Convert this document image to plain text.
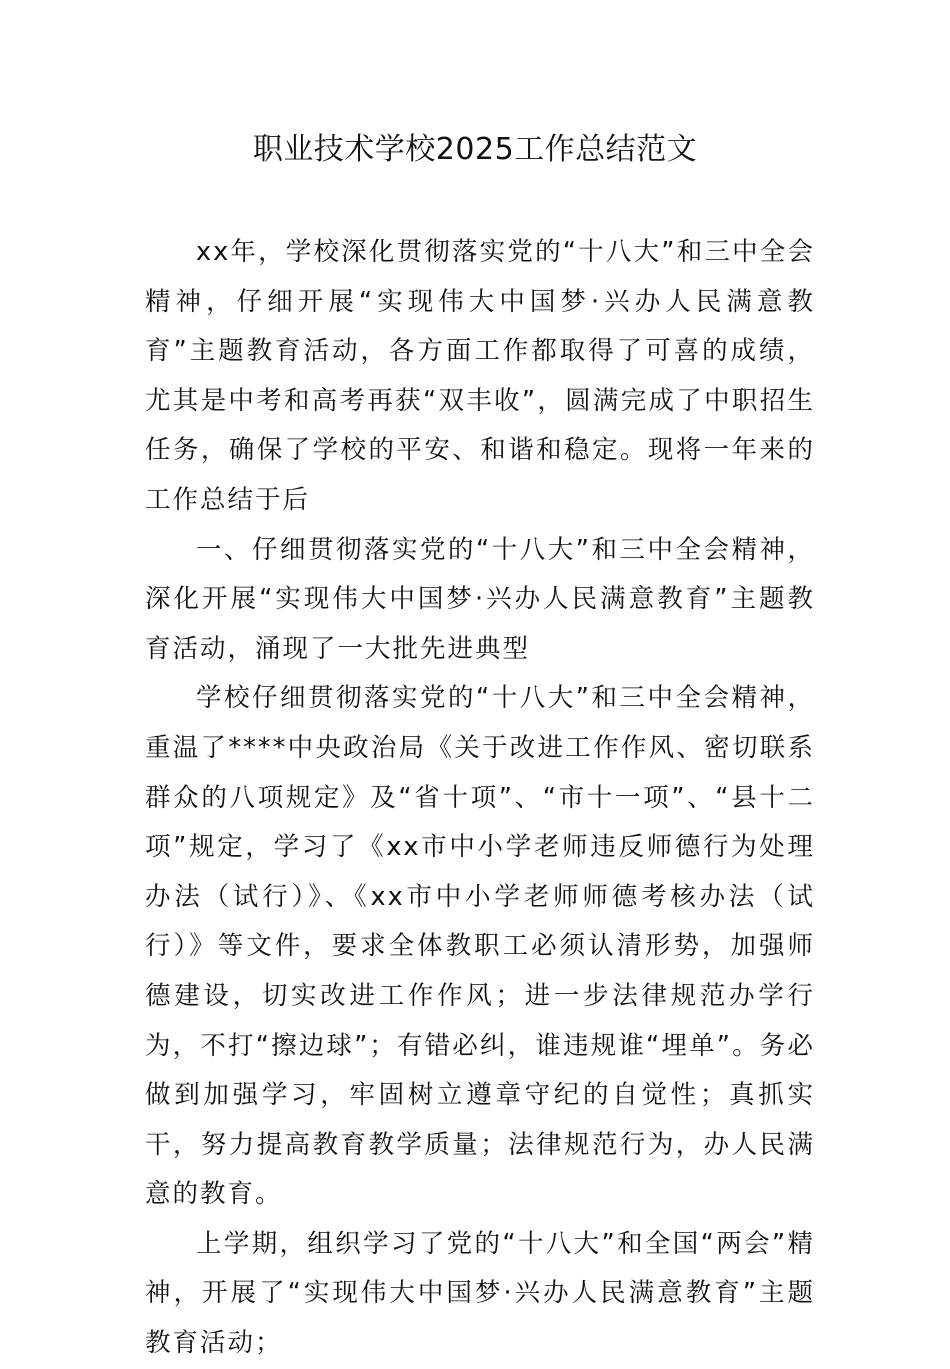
职业技术学校2025工作总结范文

xx年，学校深化贯彻落实党的“十八大”和三中全会精神，仔细开展“实现伟大中国梦·兴办人民满意教育”主题教育活动，各方面工作都取得了可喜的成绩，尤其是中考和高考再获“双丰收”，圆满完成了中职招生任务，确保了学校的平安、和谐和稳定。现将一年来的工作总结于后

一、仔细贯彻落实党的“十八大”和三中全会精神，深化开展“实现伟大中国梦·兴办人民满意教育”主题教育活动，涌现了一大批先进典型

学校仔细贯彻落实党的“十八大”和三中全会精神，重温了****中央政治局《关于改进工作作风、密切联系群众的八项规定》及“省十项”、“市十一项”、“县十二项”规定，学习了《xx市中小学老师违反师德行为处理办法（试行）》、《xx市中小学老师师德考核办法（试行）》等文件，要求全体教职工必须认清形势，加强师德建设，切实改进工作作风；进一步法律规范办学行为，不打“擦边球”；有错必纠，谁违规谁“埋单”。务必做到加强学习，牢固树立遵章守纪的自觉性；真抓实干，努力提高教育教学质量；法律规范行为，办人民满意的教育。

上学期，组织学习了党的“十八大”和全国“两会”精神，开展了“实现伟大中国梦·兴办人民满意教育”主题教育活动；
